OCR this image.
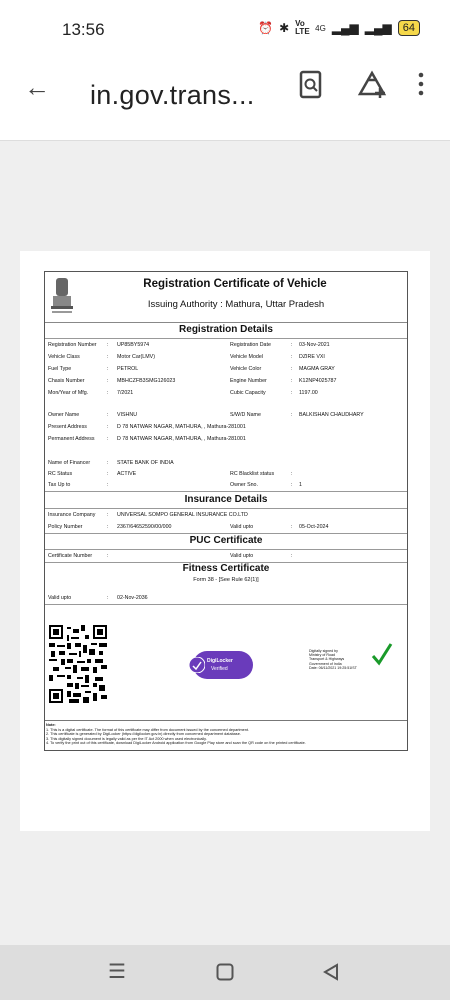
13:56	⏰ ✱ Vo LTE 4G ▂▄▆ ▂▄▆	64
← in.gov.trans...
Registration Certificate of Vehicle
Issuing Authority : Mathura, Uttar Pradesh
Registration Details
Registration Number : UP85BY5974	Registration Date	: 03-Nov-2021
Vehicle Class	: Motor Car(LMV)	Vehicle Model	: DZIRE VXI
Fuel Type	: PETROL	Vehicle Color	: MAGMA GRAY
Chasis Number	: MBHCZFB3SMG126023	Engine Number	: K12NP4025787
Mon/Year of Mfg.	: 7/2021	Cubic Capacity	: 1197.00
Owner Name	: VISHNU	S/W/D Name	: BALKISHAN CHAUDHARY
Present Address	: D 78 NATWAR NAGAR, MATHURA, , Mathura-281001
Permanent Address : D 78 NATWAR NAGAR, MATHURA, , Mathura-281001
Name of Financer	: STATE BANK OF INDIA
RC Status	: ACTIVE	RC Blacklist status	:
Tax Up to	:	Owner Sno.	: 1
Insurance Details
Insurance Company : UNIVERSAL SOMPO GENERAL INSURANCE CO.LTD
Policy Number	: 2367/64652590/00/000	Valid upto	: 05-Oct-2024
PUC Certificate
Certificate Number	:	Valid upto	:
Fitness Certificate
Form 38 - [See Rule 62(1)]
Valid upto	: 02-Nov-2036
DigiLocker
Verified
Digitally signed by
Ministry of Road
Transport & Highways
Government of India
Date: 06/11/2021 19:25:51IST
Note:
1. This is a digital certificate. The format of this certificate may differ from document issued by the concerned department.
2. This certificate is generated by DigiLocker (https://digilocker.gov.in) directly from concerned department database.
3. This digitally signed document is legally valid as per the IT Act 2000 when used electronically.
4. To verify the print out of this certificate, download DigiLocker Android application from Google Play store and scan the QR code on the printed certificate.
☰
